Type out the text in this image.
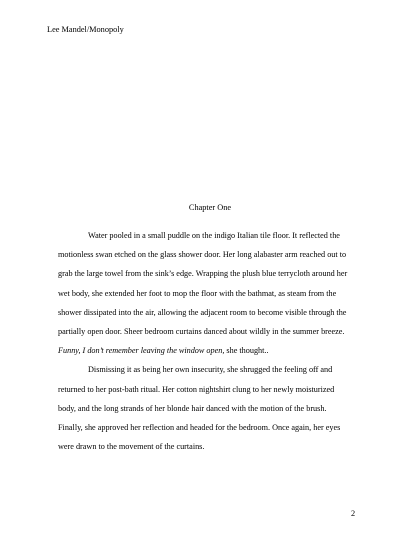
Lee Mandel/Monopoly
Chapter One
Water pooled in a small puddle on the indigo Italian tile floor. It reflected the
motionless swan etched on the glass shower door. Her long alabaster arm reached out to
grab the large towel from the sink’s edge. Wrapping the plush blue terrycloth around her
wet body, she extended her foot to mop the floor with the bathmat, as steam from the
shower dissipated into the air, allowing the adjacent room to become visible through the
partially open door. Sheer bedroom curtains danced about wildly in the summer breeze.
Funny, I don’t remember leaving the window open, she thought..
Dismissing it as being her own insecurity, she shrugged the feeling off and
returned to her post-bath ritual. Her cotton nightshirt clung to her newly moisturized
body, and the long strands of her blonde hair danced with the motion of the brush.
Finally, she approved her reflection and headed for the bedroom. Once again, her eyes
were drawn to the movement of the curtains.
2
